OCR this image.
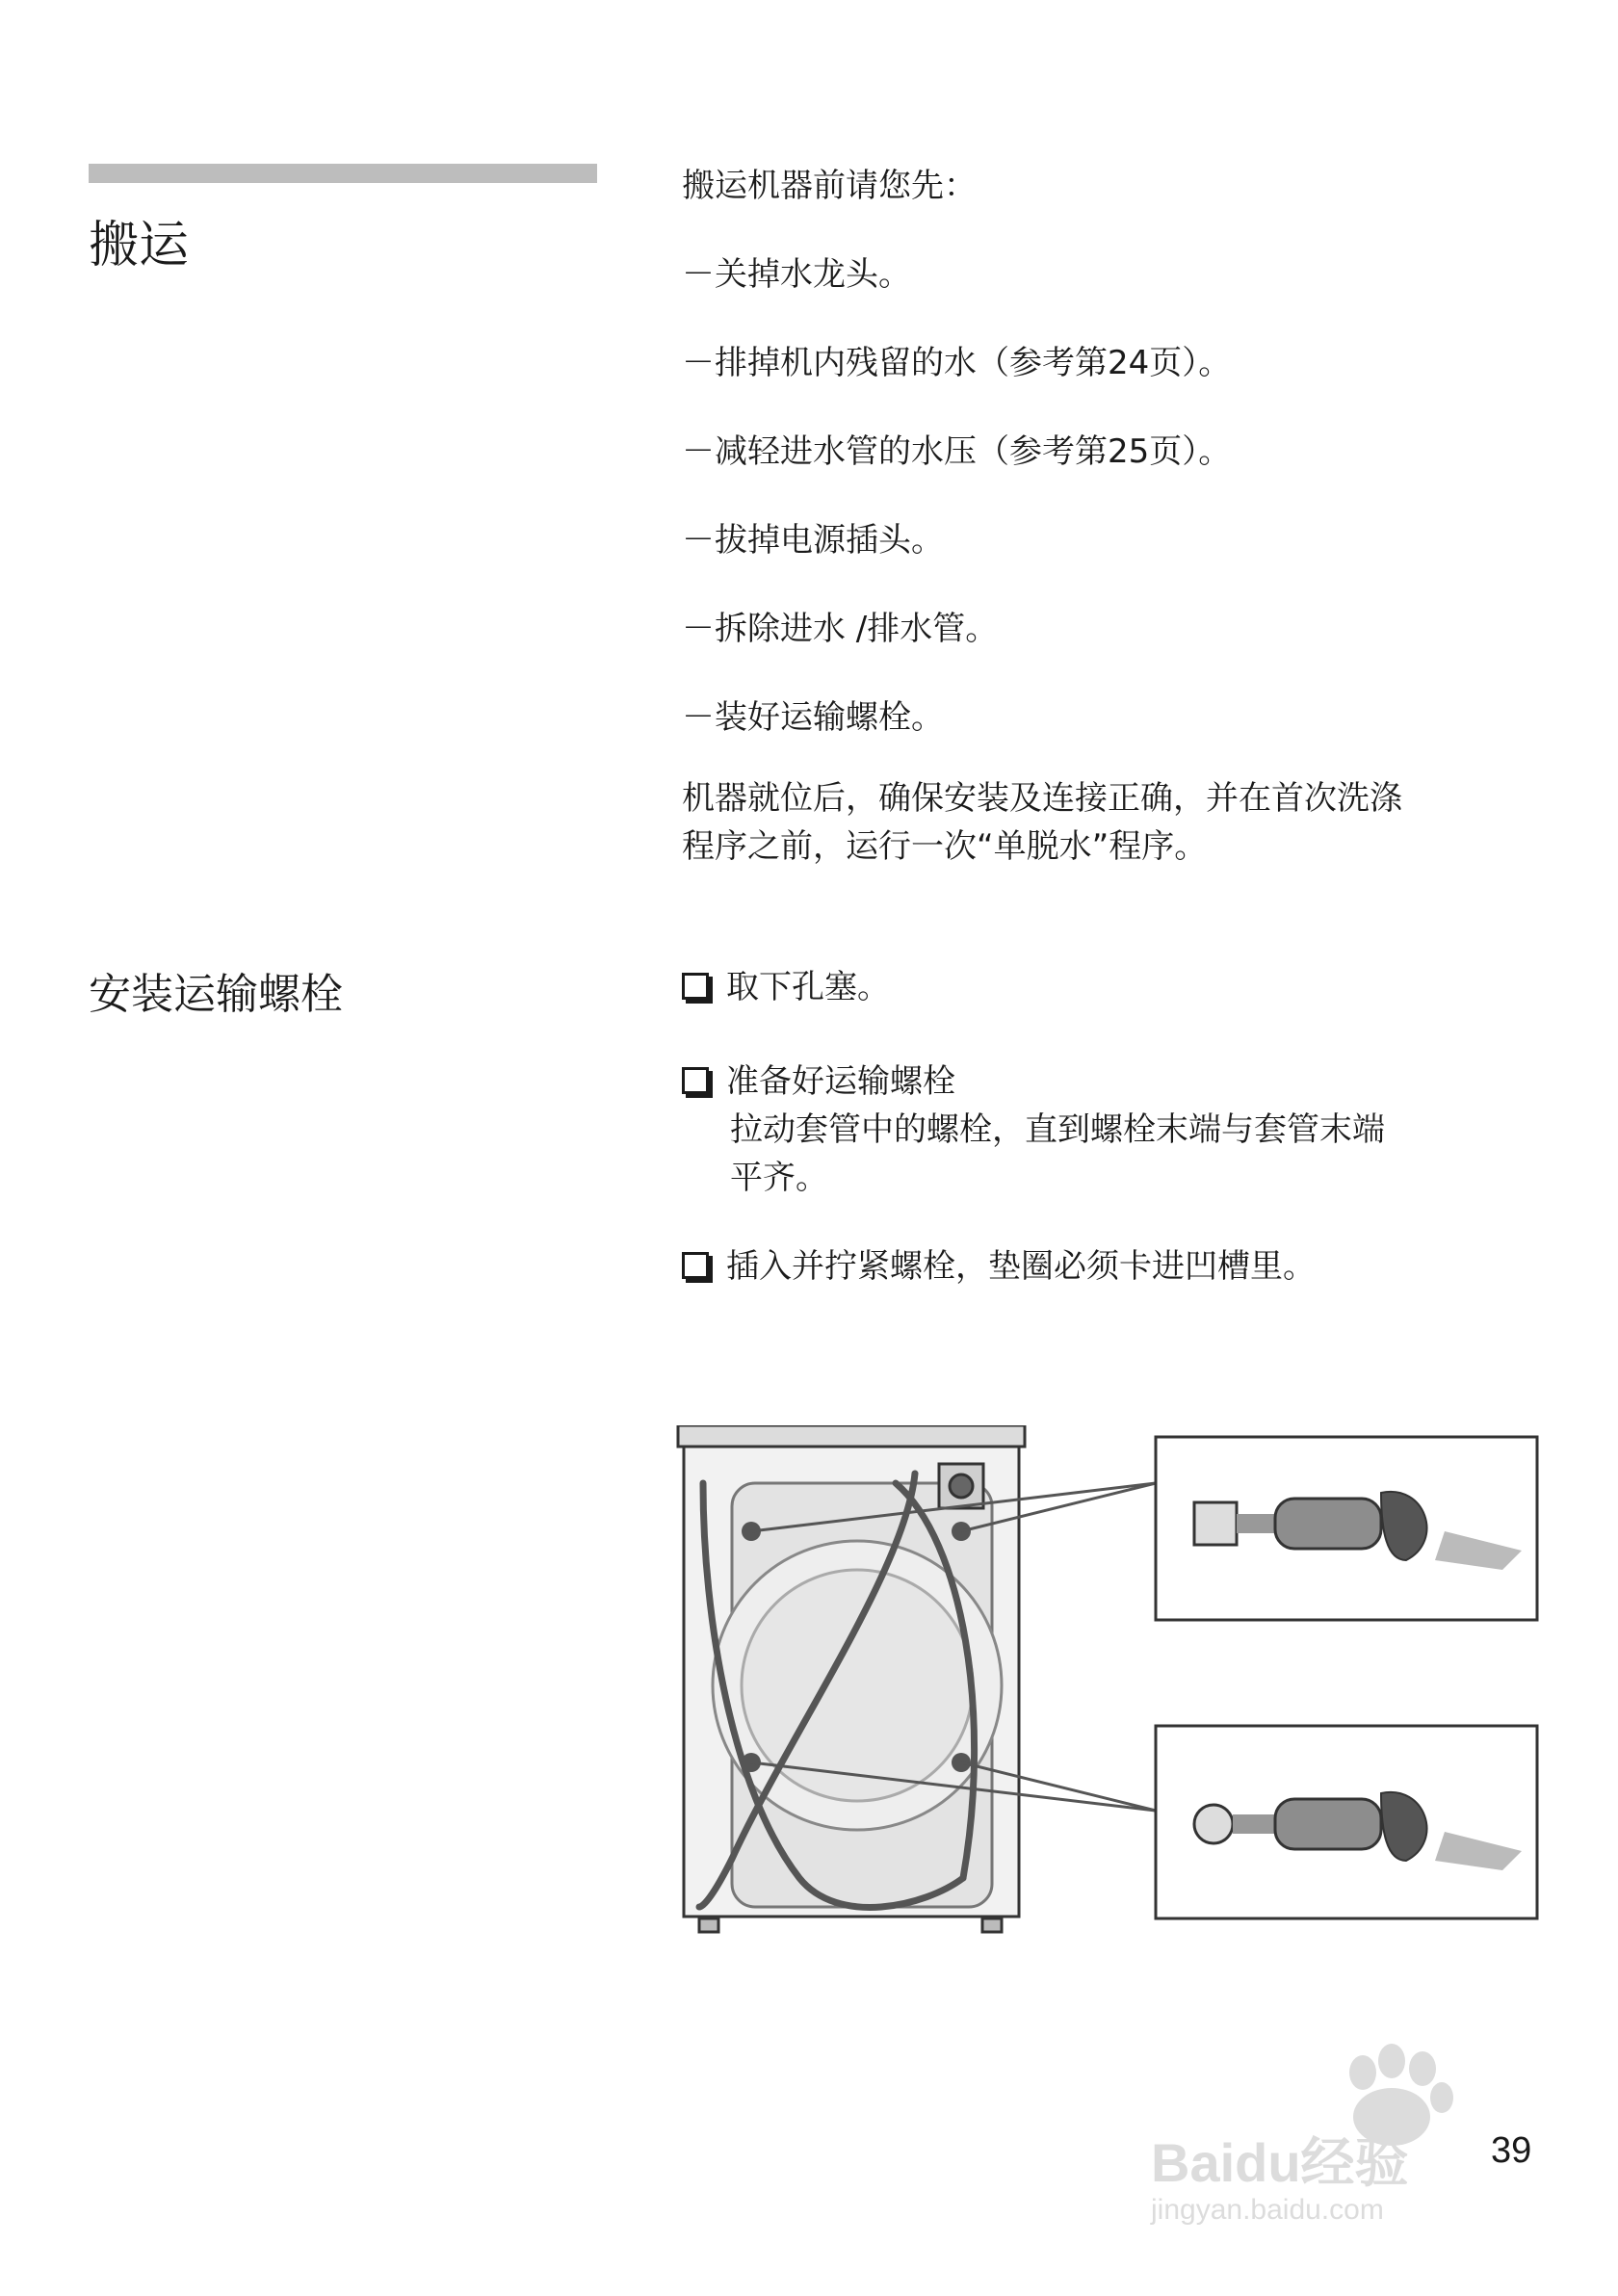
搬运
搬运机器前请您先：
－关掉水龙头。
－排掉机内残留的水（参考第24页）。
－减轻进水管的水压（参考第25页）。
－拔掉电源插头。
－拆除进水 /排水管。
－装好运输螺栓。
机器就位后，确保安装及连接正确，并在首次洗涤
程序之前，运行一次“单脱水”程序。
安装运输螺栓	取下孔塞。
准备好运输螺栓
拉动套管中的螺栓，直到螺栓末端与套管末端
平齐。
插入并拧紧螺栓，垫圈必须卡进凹槽里。
Baidu经验
jingyan.baidu.com
39
